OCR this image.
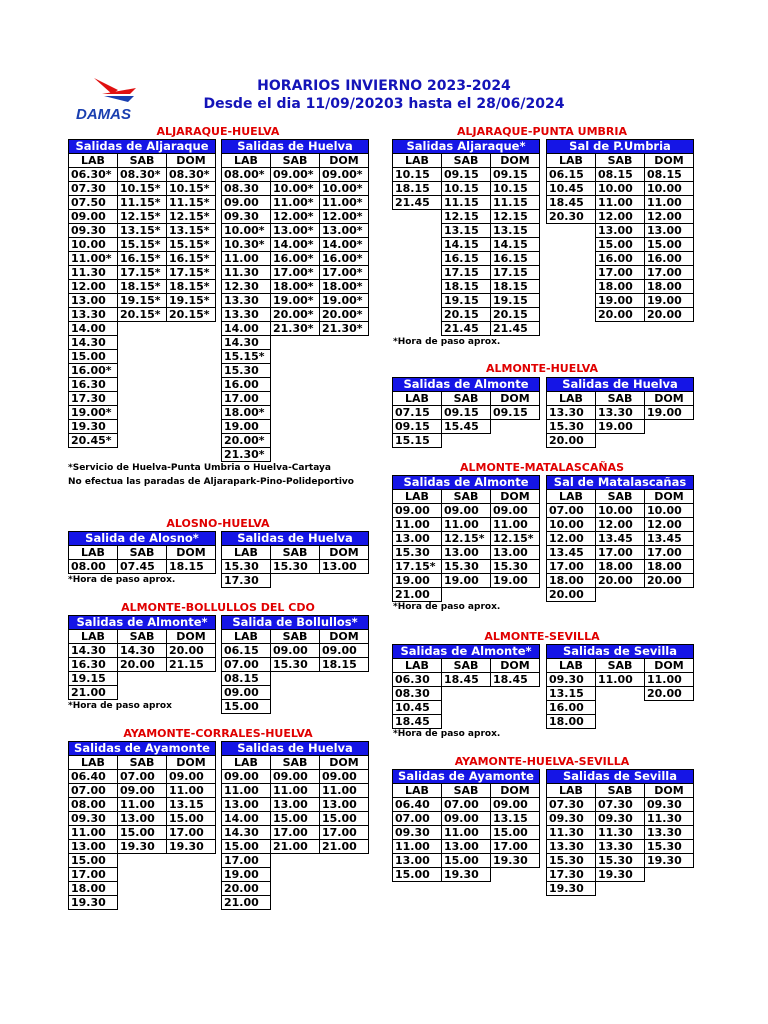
DAMAS
HORARIOS INVIERNO 2023-2024
Desde el dia 11/09/20203 hasta el 28/06/2024
ALJARAQUE-HUELVA
Salidas de Aljaraque		
LAB	SAB	DOM
06.30*	08.30*	08.30*
07.30	10.15*	10.15*
07.50	11.15*	11.15*
09.00	12.15*	12.15*
09.30	13.15*	13.15*
10.00	15.15*	15.15*
11.00*	16.15*	16.15*
11.30	17.15*	17.15*
12.00	18.15*	18.15*
13.00	19.15*	19.15*
13.30	20.15*	20.15*
14.00		
14.30		
15.00		
16.00*		
16.30		
17.30		
19.00*		
19.30		
20.45*		
Salidas de Huelva		
LAB	SAB	DOM
08.00*	09.00*	09.00*
08.30	10.00*	10.00*
09.00	11.00*	11.00*
09.30	12.00*	12.00*
10.00*	13.00*	13.00*
10.30*	14.00*	14.00*
11.00	16.00*	16.00*
11.30	17.00*	17.00*
12.30	18.00*	18.00*
13.30	19.00*	19.00*
13.30	20.00*	20.00*
14.00	21.30*	21.30*
14.30		
15.15*		
15.30		
16.00		
17.00		
18.00*		
19.00		
20.00*		
21.30*		
*Servicio de Huelva-Punta Umbria o Huelva-Cartaya
No efectua las paradas de Aljarapark-Pino-Polideportivo
ALJARAQUE-PUNTA UMBRIA
Salidas Aljaraque*		
LAB	SAB	DOM
10.15	09.15	09.15
18.15	10.15	10.15
21.45	11.15	11.15
	12.15	12.15
	13.15	13.15
	14.15	14.15
	16.15	16.15
	17.15	17.15
	18.15	18.15
	19.15	19.15
	20.15	20.15
	21.45	21.45
Sal de P.Umbria		
LAB	SAB	DOM
06.15	08.15	08.15
10.45	10.00	10.00
18.45	11.00	11.00
20.30	12.00	12.00
	13.00	13.00
	15.00	15.00
	16.00	16.00
	17.00	17.00
	18.00	18.00
	19.00	19.00
	20.00	20.00
*Hora de paso aprox.
ALMONTE-HUELVA
Salidas de Almonte		
LAB	SAB	DOM
07.15	09.15	09.15
09.15	15.45	
15.15		
Salidas de Huelva		
LAB	SAB	DOM
13.30	13.30	19.00
15.30	19.00	
20.00		
ALMONTE-MATALASCAÑAS
Salidas de Almonte		
LAB	SAB	DOM
09.00	09.00	09.00
11.00	11.00	11.00
13.00	12.15*	12.15*
15.30	13.00	13.00
17.15*	15.30	15.30
19.00	19.00	19.00
21.00		
Sal de Matalascañas		
LAB	SAB	DOM
07.00	10.00	10.00
10.00	12.00	12.00
12.00	13.45	13.45
13.45	17.00	17.00
17.00	18.00	18.00
18.00	20.00	20.00
20.00		
*Hora de paso aprox.
ALOSNO-HUELVA
Salida de Alosno*		
LAB	SAB	DOM
08.00	07.45	18.15
Salidas de Huelva		
LAB	SAB	DOM
15.30	15.30	13.00
17.30		
*Hora de paso aprox.
ALMONTE-BOLLULLOS DEL CDO
Salidas de Almonte*		
LAB	SAB	DOM
14.30	14.30	20.00
16.30	20.00	21.15
19.15		
21.00		
Salida de Bollullos*		
LAB	SAB	DOM
06.15	09.00	09.00
07.00	15.30	18.15
08.15		
09.00		
15.00		
*Hora de paso aprox
ALMONTE-SEVILLA
Salidas de Almonte*		
LAB	SAB	DOM
06.30	18.45	18.45
08.30		
10.45		
18.45		
Salidas de Sevilla		
LAB	SAB	DOM
09.30	11.00	11.00
13.15		20.00
16.00		
18.00		
*Hora de paso aprox.
AYAMONTE-CORRALES-HUELVA
Salidas de Ayamonte		
LAB	SAB	DOM
06.40	07.00	09.00
07.00	09.00	11.00
08.00	11.00	13.15
09.30	13.00	15.00
11.00	15.00	17.00
13.00	19.30	19.30
15.00		
17.00		
18.00		
19.30		
Salidas de Huelva		
LAB	SAB	DOM
09.00	09.00	09.00
11.00	11.00	11.00
13.00	13.00	13.00
14.00	15.00	15.00
14.30	17.00	17.00
15.00	21.00	21.00
17.00		
19.00		
20.00		
21.00		
AYAMONTE-HUELVA-SEVILLA
Salidas de Ayamonte		
LAB	SAB	DOM
06.40	07.00	09.00
07.00	09.00	13.15
09.30	11.00	15.00
11.00	13.00	17.00
13.00	15.00	19.30
15.00	19.30	
Salidas de Sevilla		
LAB	SAB	DOM
07.30	07.30	09.30
09.30	09.30	11.30
11.30	11.30	13.30
13.30	13.30	15.30
15.30	15.30	19.30
17.30	19.30	
19.30		
